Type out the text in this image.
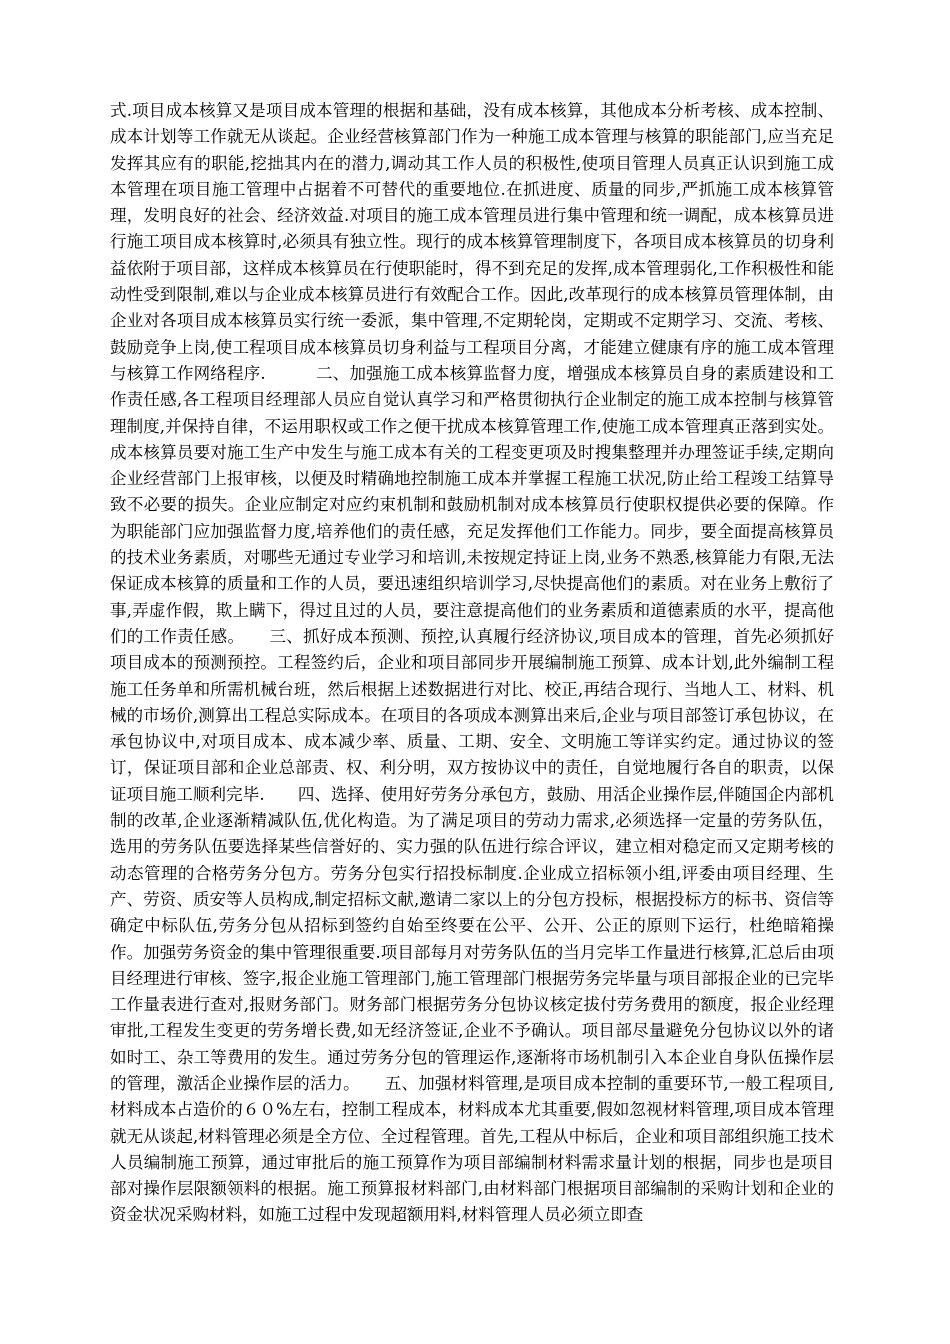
式.项目成本核算又是项目成本管理的根据和基础，没有成本核算，其他成本分析考核、成本控制、成本计划等工作就无从谈起。企业经营核算部门作为一种施工成本管理与核算的职能部门,应当充足发挥其应有的职能,挖拙其内在的潜力,调动其工作人员的积极性,使项目管理人员真正认识到施工成本管理在项目施工管理中占据着不可替代的重要地位.在抓进度、质量的同步,严抓施工成本核算管理，发明良好的社会、经济效益.对项目的施工成本管理员进行集中管理和统一调配，成本核算员进行施工项目成本核算时,必须具有独立性。现行的成本核算管理制度下，各项目成本核算员的切身利益依附于项目部，这样成本核算员在行使职能时，得不到充足的发挥,成本管理弱化,工作积极性和能动性受到限制,难以与企业成本核算员进行有效配合工作。因此,改革现行的成本核算员管理体制，由企业对各项目成本核算员实行统一委派，集中管理,不定期轮岗，定期或不定期学习、交流、考核、鼓励竞争上岗,使工程项目成本核算员切身利益与工程项目分离，才能建立健康有序的施工成本管理与核算工作网络程序.　　　二、加强施工成本核算监督力度，增强成本核算员自身的素质建设和工作责任感,各工程项目经理部人员应自觉认真学习和严格贯彻执行企业制定的施工成本控制与核算管理制度,并保持自律，不运用职权或工作之便干扰成本核算管理工作,使施工成本管理真正落到实处。成本核算员要对施工生产中发生与施工成本有关的工程变更项及时搜集整理并办理签证手续,定期向企业经营部门上报审核，以便及时精确地控制施工成本并掌握工程施工状况,防止给工程竣工结算导致不必要的损失。企业应制定对应约束机制和鼓励机制对成本核算员行使职权提供必要的保障。作为职能部门应加强监督力度,培养他们的责任感，充足发挥他们工作能力。同步，要全面提高核算员的技术业务素质，对哪些无通过专业学习和培训,未按规定持证上岗,业务不熟悉,核算能力有限,无法保证成本核算的质量和工作的人员，要迅速组织培训学习,尽快提高他们的素质。对在业务上敷衍了事,弄虚作假，欺上瞒下，得过且过的人员，要注意提高他们的业务素质和道德素质的水平，提高他们的工作责任感。　　三、抓好成本预测、预控,认真履行经济协议,项目成本的管理，首先必须抓好项目成本的预测预控。工程签约后，企业和项目部同步开展编制施工预算、成本计划,此外编制工程施工任务单和所需机械台班，然后根据上述数据进行对比、校正,再结合现行、当地人工、材料、机械的市场价,测算出工程总实际成本。在项目的各项成本测算出来后,企业与项目部签订承包协议，在承包协议中,对项目成本、成本减少率、质量、工期、安全、文明施工等详实约定。通过协议的签订，保证项目部和企业总部责、权、利分明，双方按协议中的责任，自觉地履行各自的职责，以保证项目施工顺利完毕.　　四、选择、使用好劳务分承包方，鼓励、用活企业操作层,伴随国企内部机制的改革,企业逐渐精减队伍,优化构造。为了满足项目的劳动力需求,必须选择一定量的劳务队伍，选用的劳务队伍要选择某些信誉好的、实力强的队伍进行综合评议，建立相对稳定而又定期考核的动态管理的合格劳务分包方。劳务分包实行招投标制度.企业成立招标领小组,评委由项目经理、生产、劳资、质安等人员构成,制定招标文献,邀请二家以上的分包方投标，根据投标方的标书、资信等确定中标队伍,劳务分包从招标到签约自始至终要在公平、公开、公正的原则下运行，杜绝暗箱操作。加强劳务资金的集中管理很重要.项目部每月对劳务队伍的当月完毕工作量进行核算,汇总后由项目经理进行审核、签字,报企业施工管理部门,施工管理部门根据劳务完毕量与项目部报企业的已完毕工作量表进行查对,报财务部门。财务部门根据劳务分包协议核定拔付劳务费用的额度，报企业经理审批,工程发生变更的劳务增长费,如无经济签证,企业不予确认。项目部尽量避免分包协议以外的诸如时工、杂工等费用的发生。通过劳务分包的管理运作,逐渐将市场机制引入本企业自身队伍操作层的管理，激活企业操作层的活力。　　五、加强材料管理,是项目成本控制的重要环节,一般工程项目,材料成本占造价的６０%左右，控制工程成本，材料成本尤其重要,假如忽视材料管理,项目成本管理就无从谈起,材料管理必须是全方位、全过程管理。首先,工程从中标后，企业和项目部组织施工技术人员编制施工预算，通过审批后的施工预算作为项目部编制材料需求量计划的根据，同步也是项目部对操作层限额领料的根据。施工预算报材料部门,由材料部门根据项目部编制的采购计划和企业的资金状况采购材料，如施工过程中发现超额用料,材料管理人员必须立即查
